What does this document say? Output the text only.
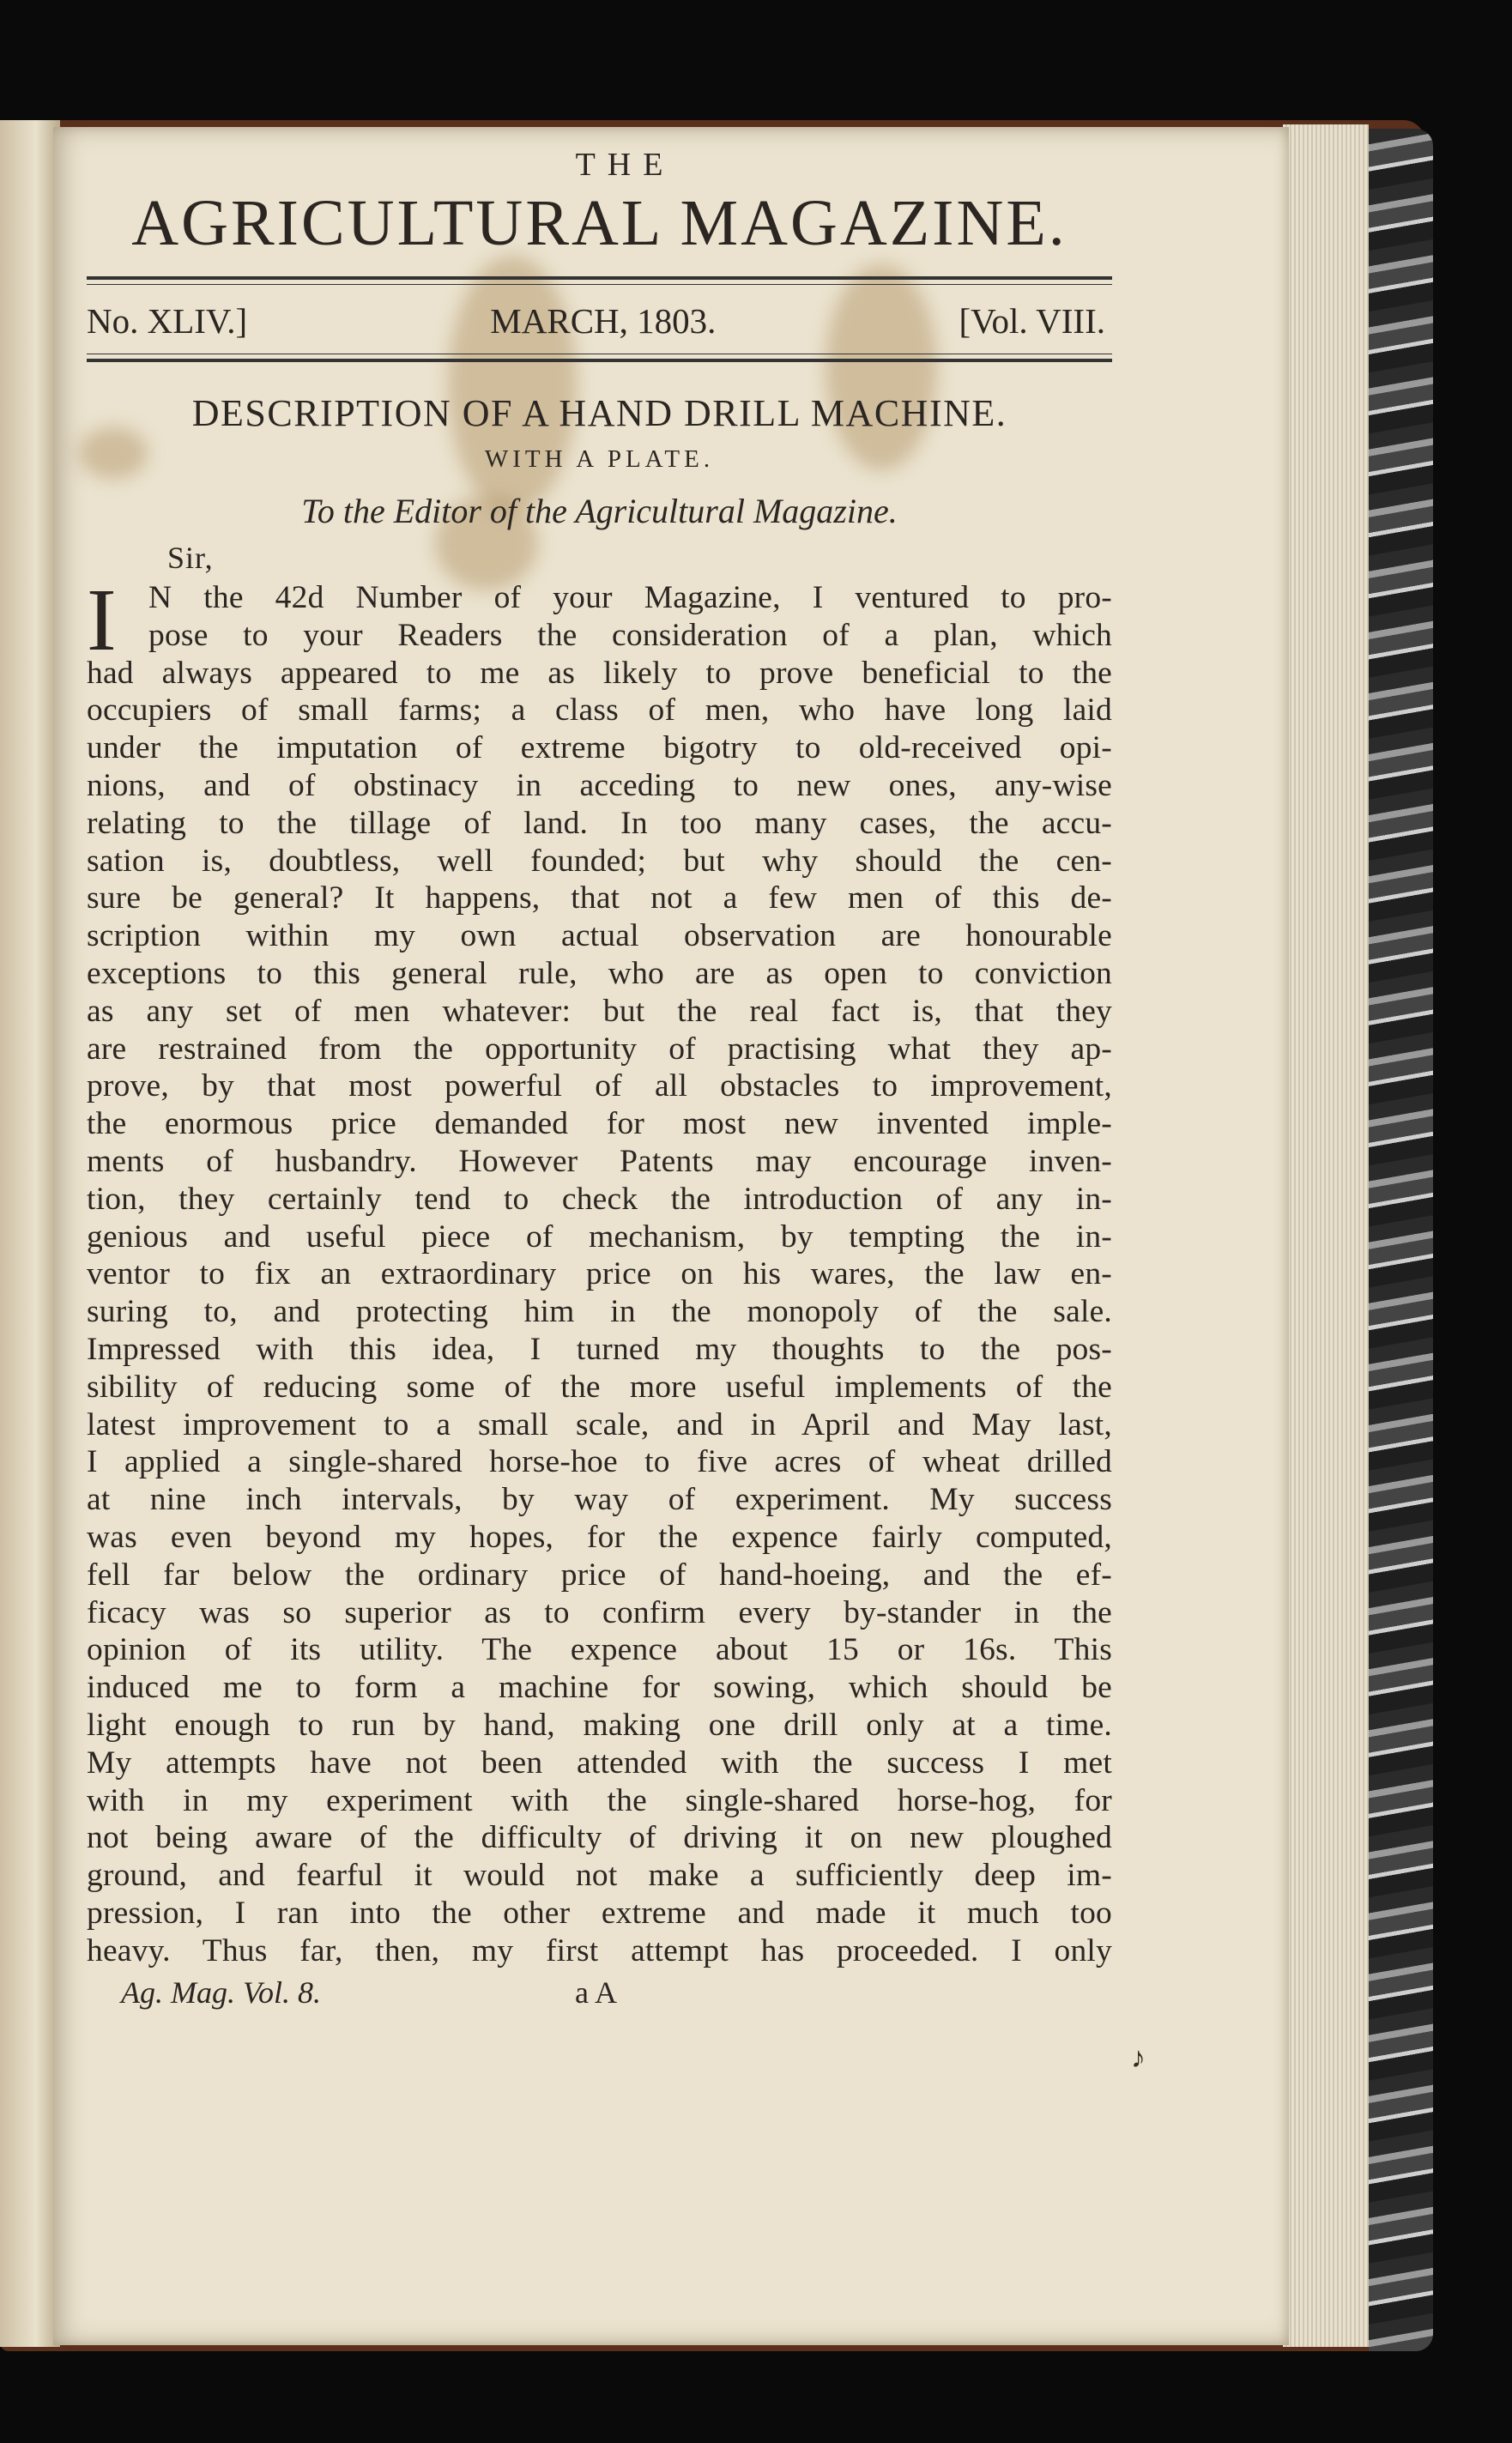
THE
AGRICULTURAL MAGAZINE.
No. XLIV.]	MARCH, 1803.	[Vol. VIII.
DESCRIPTION OF A HAND DRILL MACHINE.
WITH A PLATE.
To the Editor of the Agricultural Magazine.
Sir,
I N the 42d Number of your Magazine, I ventured to pro-
pose to your Readers the consideration of a plan, which
had always appeared to me as likely to prove beneficial to the
occupiers of small farms; a class of men, who have long laid
under the imputation of extreme bigotry to old-received opi-
nions, and of obstinacy in acceding to new ones, any-wise
relating to the tillage of land. In too many cases, the accu-
sation is, doubtless, well founded; but why should the cen-
sure be general? It happens, that not a few men of this de-
scription within my own actual observation are honourable
exceptions to this general rule, who are as open to conviction
as any set of men whatever: but the real fact is, that they
are restrained from the opportunity of practising what they ap-
prove, by that most powerful of all obstacles to improvement,
the enormous price demanded for most new invented imple-
ments of husbandry. However Patents may encourage inven-
tion, they certainly tend to check the introduction of any in-
genious and useful piece of mechanism, by tempting the in-
ventor to fix an extraordinary price on his wares, the law en-
suring to, and protecting him in the monopoly of the sale.
Impressed with this idea, I turned my thoughts to the pos-
sibility of reducing some of the more useful implements of the
latest improvement to a small scale, and in April and May last,
I applied a single-shared horse-hoe to five acres of wheat drilled
at nine inch intervals, by way of experiment. My success
was even beyond my hopes, for the expence fairly computed,
fell far below the ordinary price of hand-hoeing, and the ef-
ficacy was so superior as to confirm every by-stander in the
opinion of its utility. The expence about 15 or 16s. This
induced me to form a machine for sowing, which should be
light enough to run by hand, making one drill only at a time.
My attempts have not been attended with the success I met
with in my experiment with the single-shared horse-hog, for
not being aware of the difficulty of driving it on new ploughed
ground, and fearful it would not make a sufficiently deep im-
pression, I ran into the other extreme and made it much too
heavy. Thus far, then, my first attempt has proceeded. I only
Ag. Mag. Vol. 8.	a A
♪
